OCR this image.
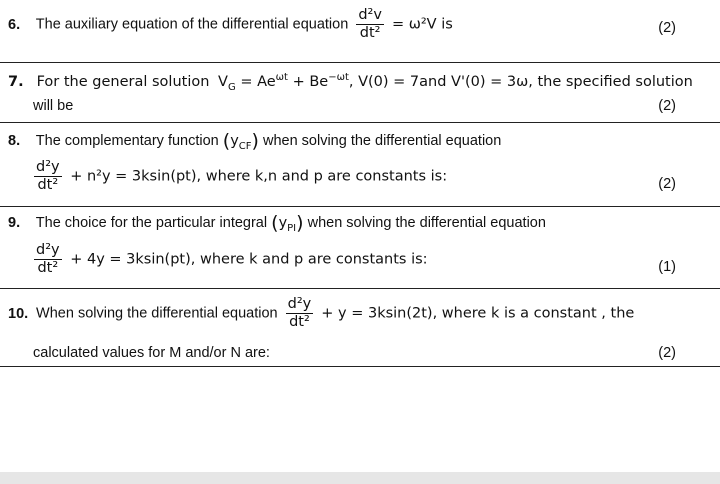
6. The auxiliary equation of the differential equation $\frac{\text{d²v}}{\text{dt²}} = \omega^2V$ is	(2)
7. For the general solution $V_G = Ae^{\omega t} + Be^{-\omega t}$, V(0) = 7and V'(0) = 3ω, the specified solution
will be	(2)
8. The complementary function $(y_{CF})$ when solving the differential equation
$\frac{\text{d²y}}{\text{dt²}} + n^2y = 3ksin(pt)$, where k,n and p are constants is:	(2)
9. The choice for the particular integral $(y_{PI})$ when solving the differential equation
$\frac{\text{d²y}}{\text{dt²}} + 4y = 3ksin(pt)$, where k and p are constants is:	(1)
10. When solving the differential equation $\frac{\text{d²y}}{\text{dt²}} + y = 3ksin(2t)$, where k is a constant , the
calculated values for M and/or N are:	(2)
